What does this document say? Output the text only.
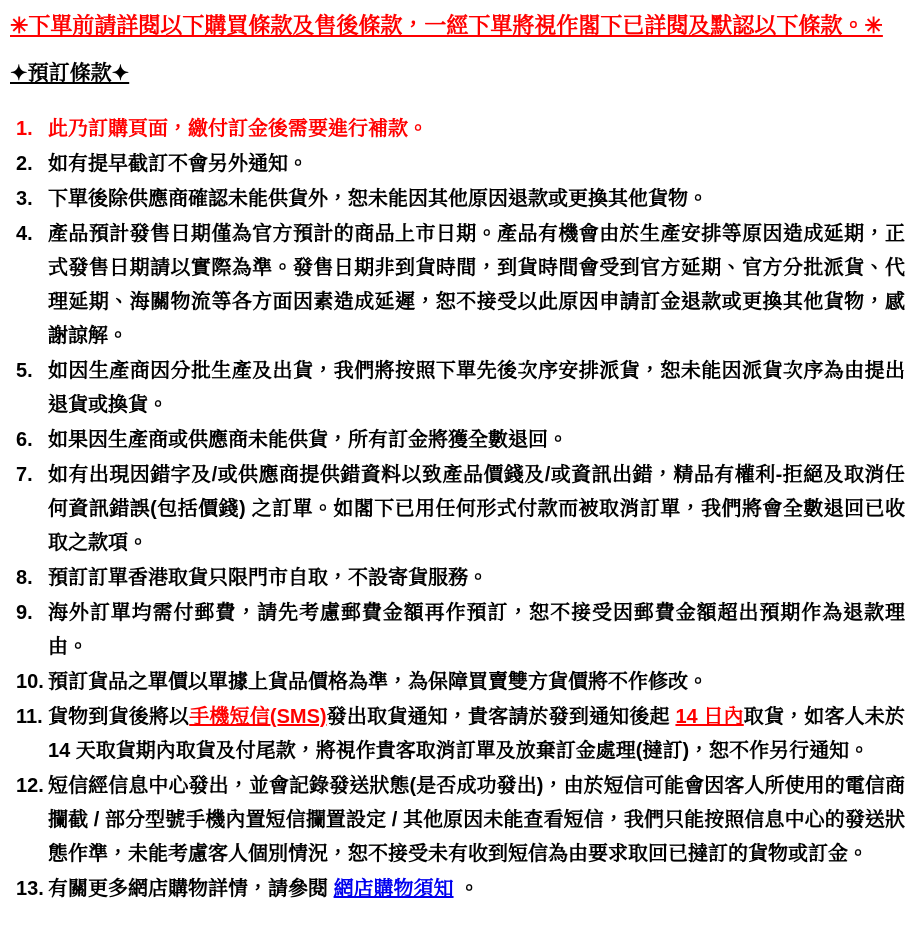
✳下單前請詳閱以下購買條款及售後條款，一經下單將視作閣下已詳閱及默認以下條款。✳
✦預訂條款✦
此乃訂購頁面，繳付訂金後需要進行補款。
如有提早截訂不會另外通知。
下單後除供應商確認未能供貨外，恕未能因其他原因退款或更換其他貨物。
產品預計發售日期僅為官方預計的商品上市日期。產品有機會由於生產安排等原因造成延期，正式發售日期請以實際為準。發售日期非到貨時間，到貨時間會受到官方延期、官方分批派貨、代理延期、海關物流等各方面因素造成延遲，恕不接受以此原因申請訂金退款或更換其他貨物，感謝諒解。
如因生產商因分批生產及出貨，我們將按照下單先後次序安排派貨，恕未能因派貨次序為由提出退貨或換貨。
如果因生產商或供應商未能供貨，所有訂金將獲全數退回。
如有出現因錯字及/或供應商提供錯資料以致產品價錢及/或資訊出錯，精品有權利-拒絕及取消任何資訊錯誤(包括價錢) 之訂單。如閣下已用任何形式付款而被取消訂單，我們將會全數退回已收取之款項。
預訂訂單香港取貨只限門市自取，不設寄貨服務。
海外訂單均需付郵費，請先考慮郵費金額再作預訂，恕不接受因郵費金額超出預期作為退款理由。
預訂貨品之單價以單據上貨品價格為準，為保障買賣雙方貨價將不作修改。
貨物到貨後將以手機短信(SMS)發出取貨通知，貴客請於發到通知後起 14 日內取貨，如客人未於 14 天取貨期內取貨及付尾款，將視作貴客取消訂單及放棄訂金處理(撻訂)，恕不作另行通知。
短信經信息中心發出，並會記錄發送狀態(是否成功發出)，由於短信可能會因客人所使用的電信商攔截 / 部分型號手機內置短信攔置設定 / 其他原因未能查看短信，我們只能按照信息中心的發送狀態作準，未能考慮客人個別情況，恕不接受未有收到短信為由要求取回已撻訂的貨物或訂金。
有關更多網店購物詳情，請參閱 網店購物須知 。
